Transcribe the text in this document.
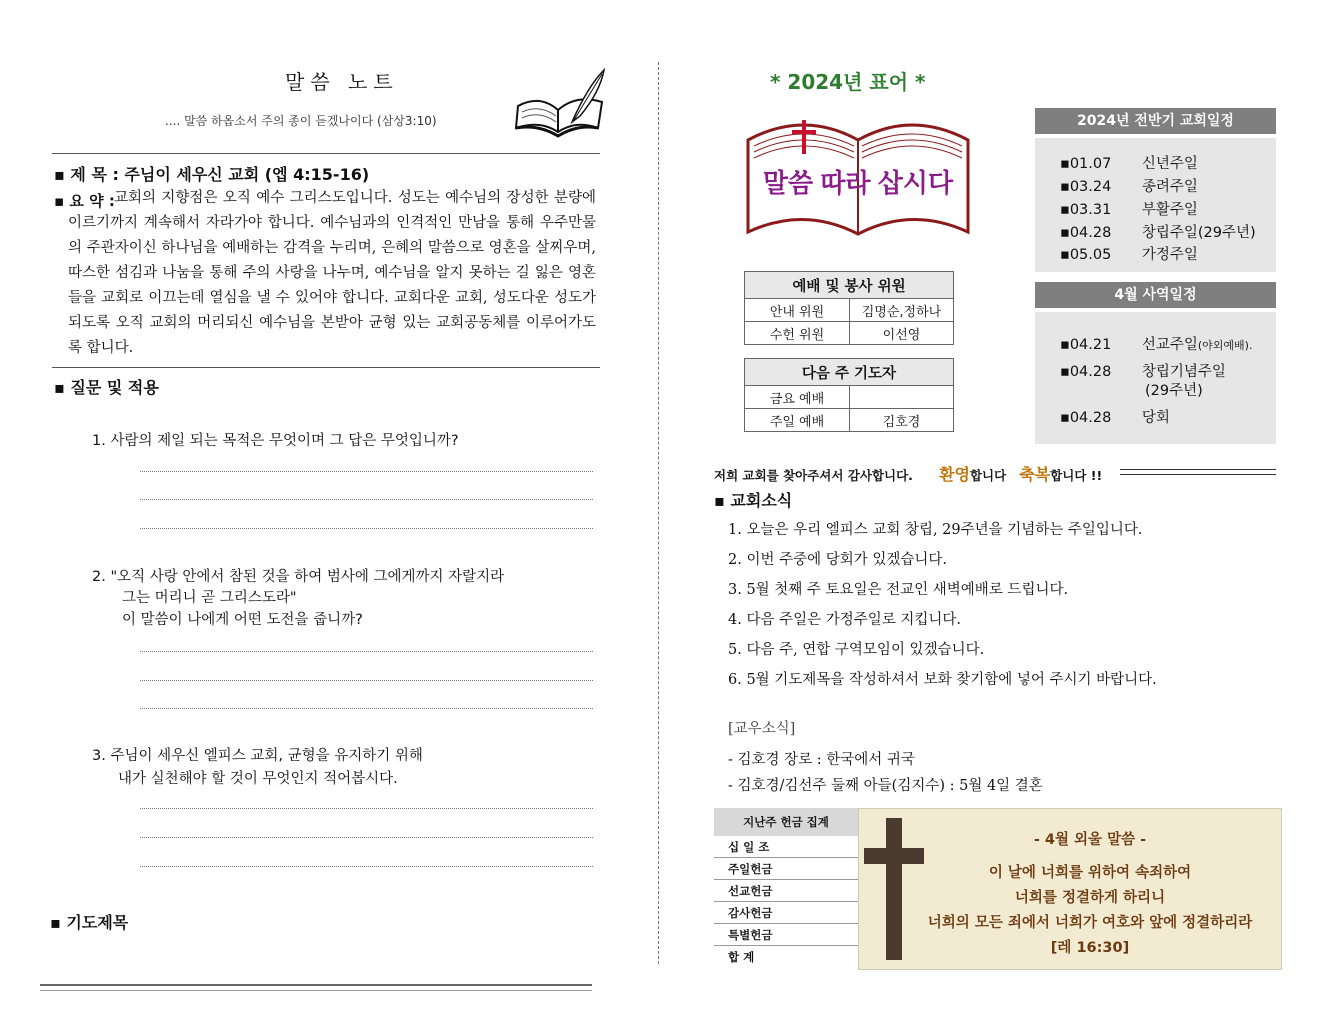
말씀 노트
.... 말씀 하옵소서 주의 종이 듣겠나이다 (삼상3:10)
▪ 제 목 : 주님이 세우신 교회 (엡 4:15-16)
▪ 요 약 : 교회의 지향점은 오직 예수 그리스도입니다. 성도는 예수님의 장성한 분량에 이르기까지 계속해서 자라가야 합니다. 예수님과의 인격적인 만남을 통해 우주만물의 주관자이신 하나님을 예배하는 감격을 누리며, 은혜의 말씀으로 영혼을 살찌우며, 따스한 섬김과 나눔을 통해 주의 사랑을 나누며, 예수님을 알지 못하는 길 잃은 영혼들을 교회로 이끄는데 열심을 낼 수 있어야 합니다. 교회다운 교회, 성도다운 성도가 되도록 오직 교회의 머리되신 예수님을 본받아 균형 있는 교회공동체를 이루어가도록 합니다.
▪ 질문 및 적용
1. 사람의 제일 되는 목적은 무엇이며 그 답은 무엇입니까?
2. "오직 사랑 안에서 참된 것을 하여 범사에 그에게까지 자랄지라
그는 머리니 곧 그리스도라"
이 말씀이 나에게 어떤 도전을 줍니까?
3. 주님이 세우신 엘피스 교회, 균형을 유지하기 위해
내가 실천해야 할 것이 무엇인지 적어봅시다.
▪ 기도제목
* 2024년 표어 *
말씀 따라 삽시다
2024년 전반기 교회일정
▪01.07 신년주일
▪03.24 종려주일
▪03.31 부활주일
▪04.28 창립주일(29주년)
▪05.05 가정주일
4월 사역일정
▪04.21 선교주일(야외예배).
▪04.28 창립기념주일
(29주년)
▪04.28 당회
예배 및 봉사 위원	
안내 위원	김명순,정하나
수헌 위원	이선영
다음 주 기도자	
금요 예배	
주일 예배	김호경
저희 교회를 찾아주셔서 감사합니다. 환영합니다 축복합니다 !!
▪ 교회소식
1. 오늘은 우리 엘피스 교회 창립, 29주년을 기념하는 주일입니다.
2. 이번 주중에 당회가 있겠습니다.
3. 5월 첫째 주 토요일은 전교인 새벽예배로 드립니다.
4. 다음 주일은 가정주일로 지킵니다.
5. 다음 주, 연합 구역모임이 있겠습니다.
6. 5월 기도제목을 작성하셔서 보화 찾기함에 넣어 주시기 바랍니다.
[교우소식]
- 김호경 장로 : 한국에서 귀국
- 김호경/김선주 둘째 아들(김지수) : 5월 4일 결혼
지난주 헌금 집계
십 일 조
주일헌금
선교헌금
감사헌금
특별헌금
합 계
- 4월 외울 말씀 -
이 날에 너희를 위하여 속죄하여
너희를 정결하게 하리니
너희의 모든 죄에서 너희가 여호와 앞에 정결하리라
[레 16:30]
